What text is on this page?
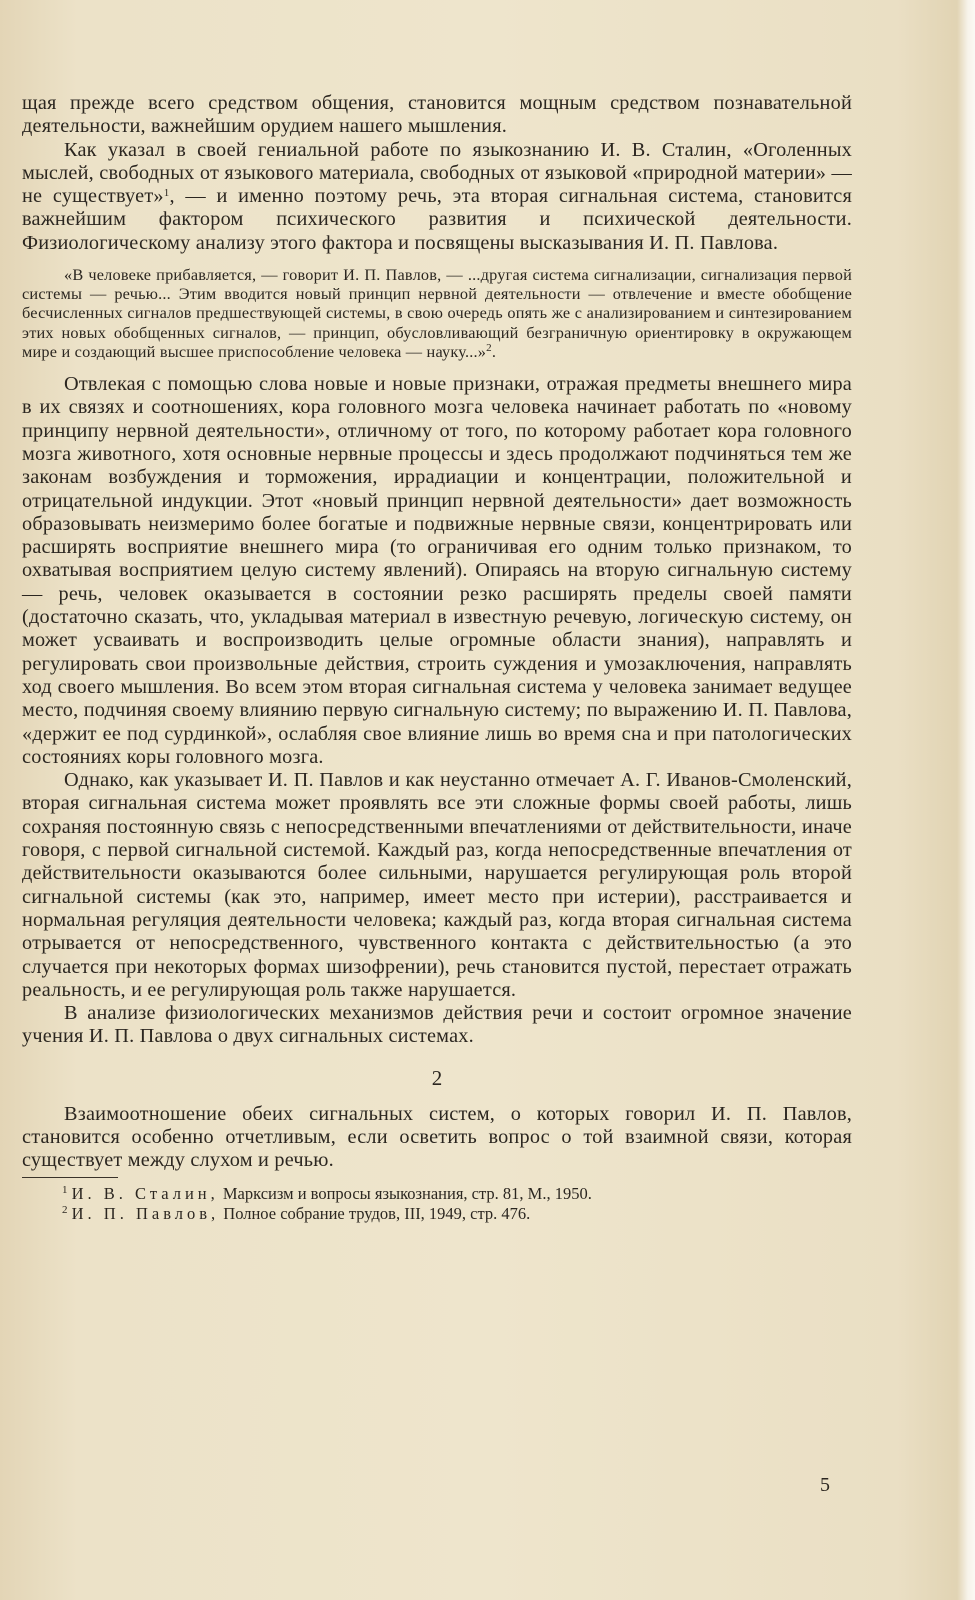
щая прежде всего средством общения, становится мощным средством познавательной деятельности, важнейшим орудием нашего мышления.

Как указал в своей гениальной работе по языкознанию И. В. Сталин, «Оголенных мыслей, свободных от языкового материала, свободных от языковой «природной материи» — не существует»$^1$, — и именно поэтому речь, эта вторая сигнальная система, становится важнейшим фактором психического развития и психической деятельности. Физиологическому анализу этого фактора и посвящены высказывания И. П. Павлова.

«В человеке прибавляется, — говорит И. П. Павлов, — ...другая система сигнализации, сигнализация первой системы — речью... Этим вводится новый принцип нервной деятельности — отвлечение и вместе обобщение бесчисленных сигналов предшествующей системы, в свою очередь опять же с анализированием и синтезированием этих новых обобщенных сигналов, — принцип, обусловливающий безграничную ориентировку в окружающем мире и создающий высшее приспособление человека — науку...»$^2$.

Отвлекая с помощью слова новые и новые признаки, отражая предметы внешнего мира в их связях и соотношениях, кора головного мозга человека начинает работать по «новому принципу нервной деятельности», отличному от того, по которому работает кора головного мозга животного, хотя основные нервные процессы и здесь продолжают подчиняться тем же законам возбуждения и торможения, иррадиации и концентрации, положительной и отрицательной индукции. Этот «новый принцип нервной деятельности» дает возможность образовывать неизмеримо более богатые и подвижные нервные связи, концентрировать или расширять восприятие внешнего мира (то ограничивая его одним только признаком, то охватывая восприятием целую систему явлений). Опираясь на вторую сигнальную систему — речь, человек оказывается в состоянии резко расширять пределы своей памяти (достаточно сказать, что, укладывая материал в известную речевую, логическую систему, он может усваивать и воспроизводить целые огромные области знания), направлять и регулировать свои произвольные действия, строить суждения и умозаключения, направлять ход своего мышления. Во всем этом вторая сигнальная система у человека занимает ведущее место, подчиняя своему влиянию первую сигнальную систему; по выражению И. П. Павлова, «держит ее под сурдинкой», ослабляя свое влияние лишь во время сна и при патологических состояниях коры головного мозга.

Однако, как указывает И. П. Павлов и как неустанно отмечает А. Г. Иванов-Смоленский, вторая сигнальная система может проявлять все эти сложные формы своей работы, лишь сохраняя постоянную связь с непосредственными впечатлениями от действительности, иначе говоря, с первой сигнальной системой. Каждый раз, когда непосредственные впечатления от действительности оказываются более сильными, нарушается регулирующая роль второй сигнальной системы (как это, например, имеет место при истерии), расстраивается и нормальная регуляция деятельности человека; каждый раз, когда вторая сигнальная система отрывается от непосредственного, чувственного контакта с действительностью (а это случается при некоторых формах шизофрении), речь становится пустой, перестает отражать реальность, и ее регулирующая роль также нарушается.

В анализе физиологических механизмов действия речи и состоит огромное значение учения И. П. Павлова о двух сигнальных системах.

2

Взаимоотношение обеих сигнальных систем, о которых говорил И. П. Павлов, становится особенно отчетливым, если осветить вопрос о той взаимной связи, которая существует между слухом и речью.

$^1$ И. В. Сталин, Марксизм и вопросы языкознания, стр. 81, М., 1950.

$^2$ И. П. Павлов, Полное собрание трудов, III, 1949, стр. 476.

5
